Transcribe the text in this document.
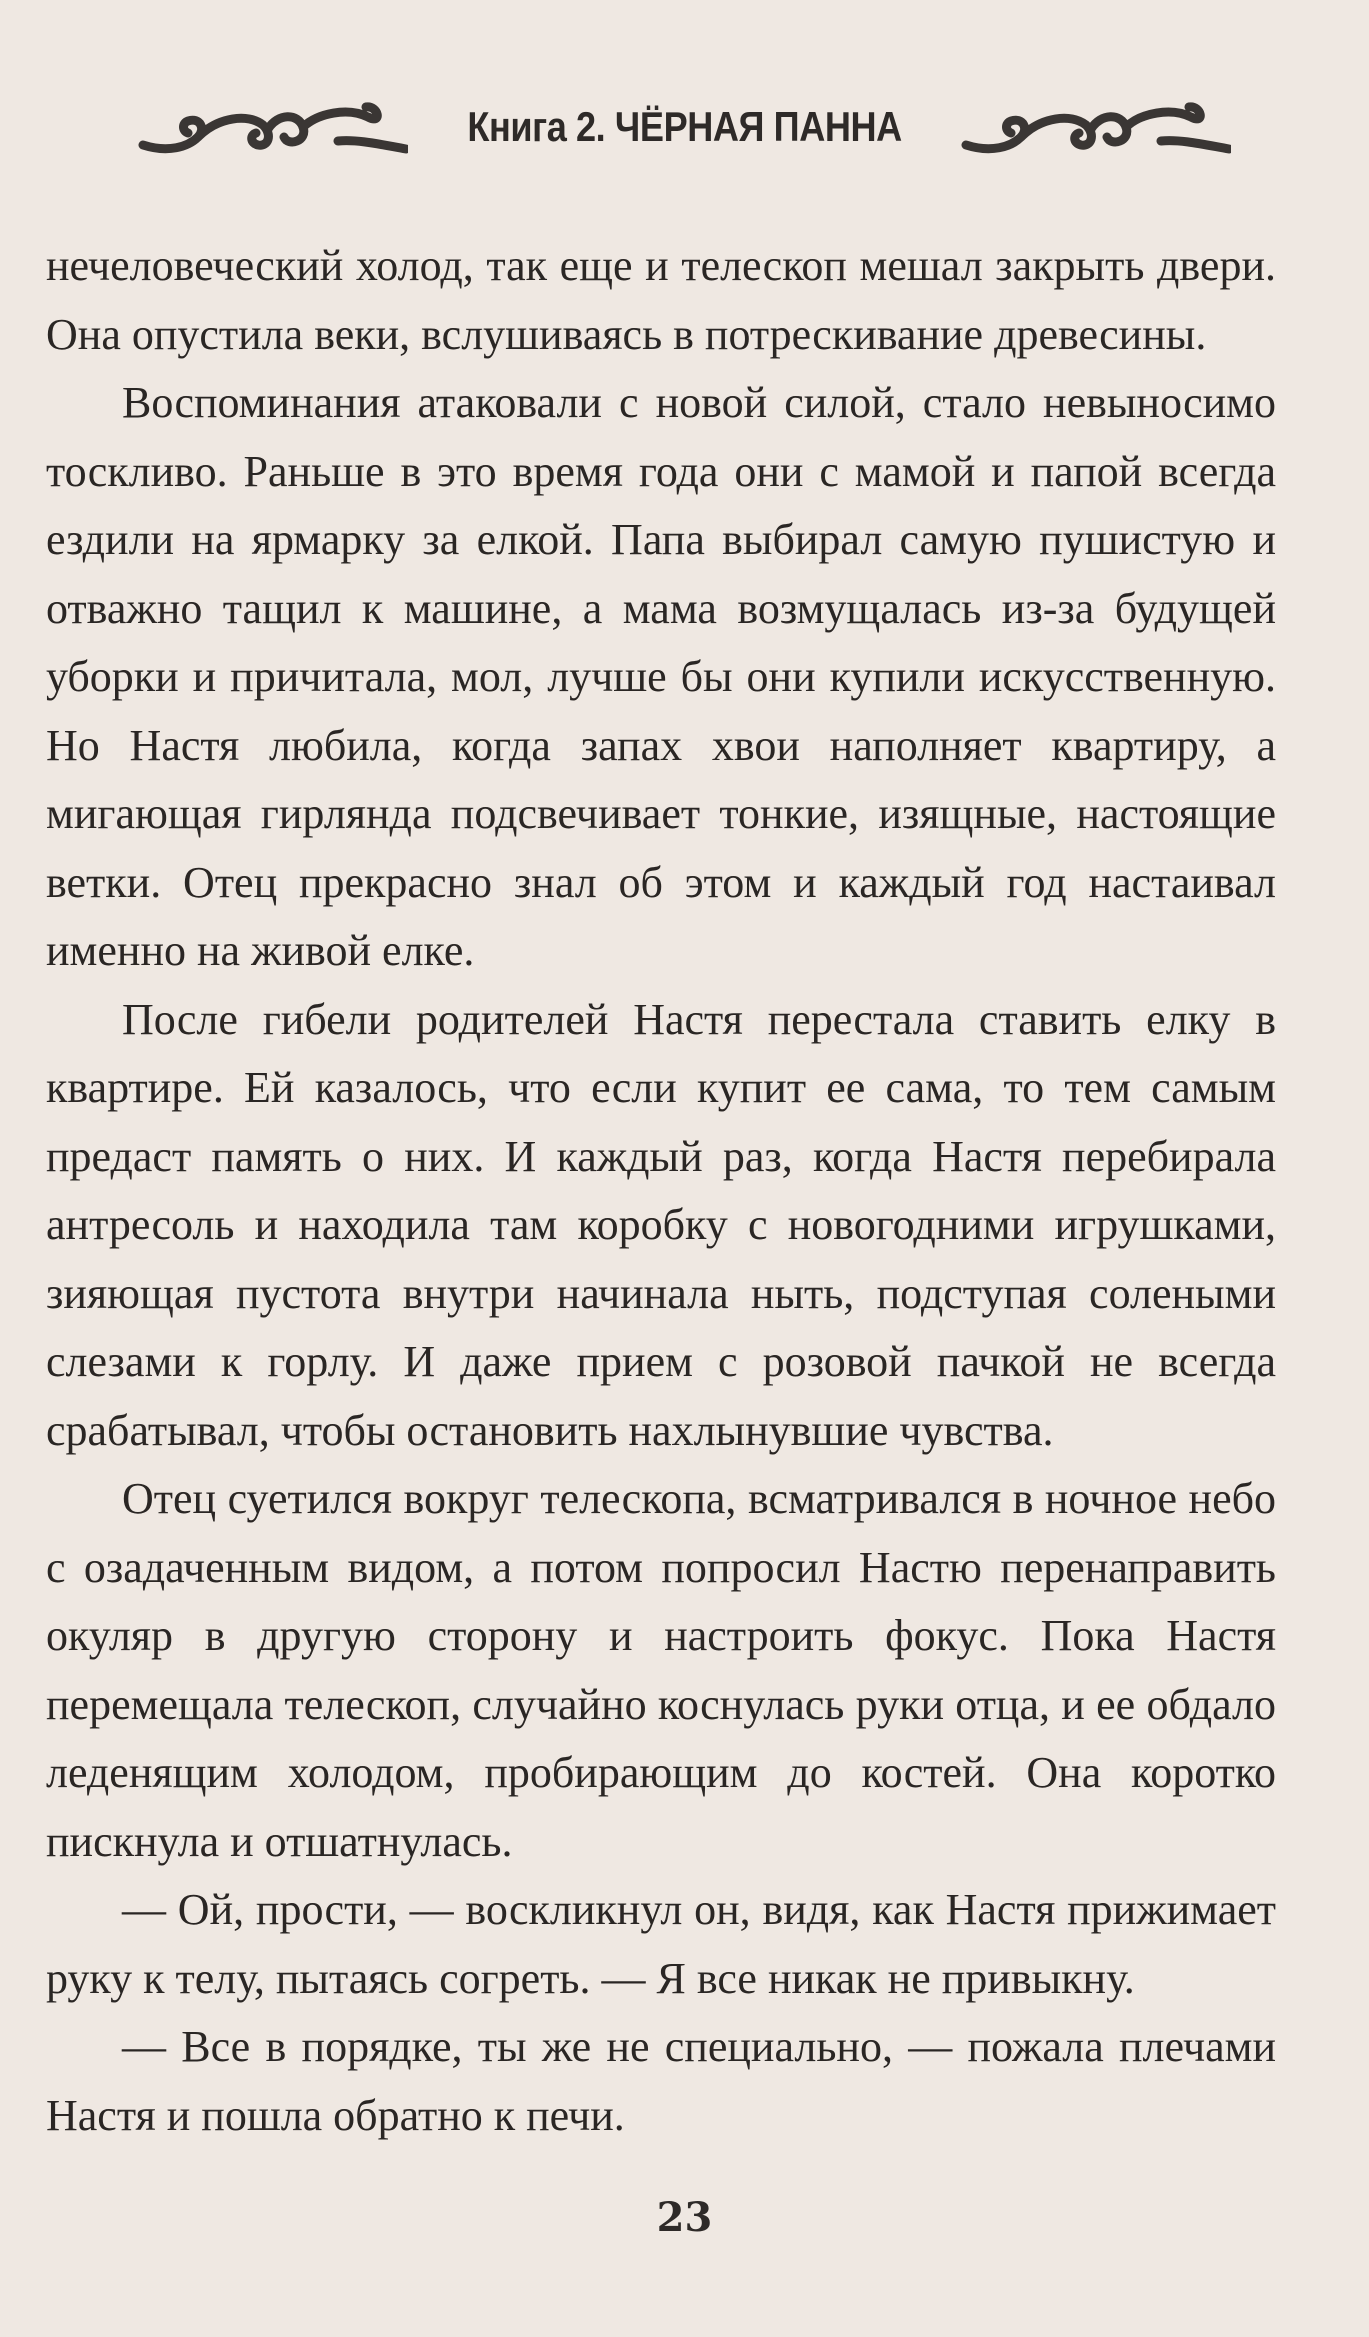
Книга 2. ЧЁРНАЯ ПАННА

нечеловеческий холод, так еще и телескоп мешал закрыть двери. Она опустила веки, вслушиваясь в потрескивание древесины.

Воспоминания атаковали с новой силой, стало невыносимо тоскливо. Раньше в это время года они с мамой и папой всегда ездили на ярмарку за елкой. Папа выбирал самую пушистую и отважно тащил к машине, а мама возмущалась из-за будущей уборки и причитала, мол, лучше бы они купили искусственную. Но Настя любила, когда запах хвои наполняет квартиру, а мигающая гирлянда подсвечивает тонкие, изящные, настоящие ветки. Отец прекрасно знал об этом и каждый год настаивал именно на живой елке.

После гибели родителей Настя перестала ставить елку в квартире. Ей казалось, что если купит ее сама, то тем самым предаст память о них. И каждый раз, когда Настя перебирала антресоль и находила там коробку с новогодними игрушками, зияющая пустота внутри начинала ныть, подступая солеными слезами к горлу. И даже прием с розовой пачкой не всегда срабатывал, чтобы остановить нахлынувшие чувства.

Отец суетился вокруг телескопа, всматривался в ночное небо с озадаченным видом, а потом попросил Настю перенаправить окуляр в другую сторону и настроить фокус. Пока Настя перемещала телескоп, случайно коснулась руки отца, и ее обдало леденящим холодом, пробирающим до костей. Она коротко пискнула и отшатнулась.

— Ой, прости, — воскликнул он, видя, как Настя прижимает руку к телу, пытаясь согреть. — Я все никак не привыкну.

— Все в порядке, ты же не специально, — пожала плечами Настя и пошла обратно к печи.

23
